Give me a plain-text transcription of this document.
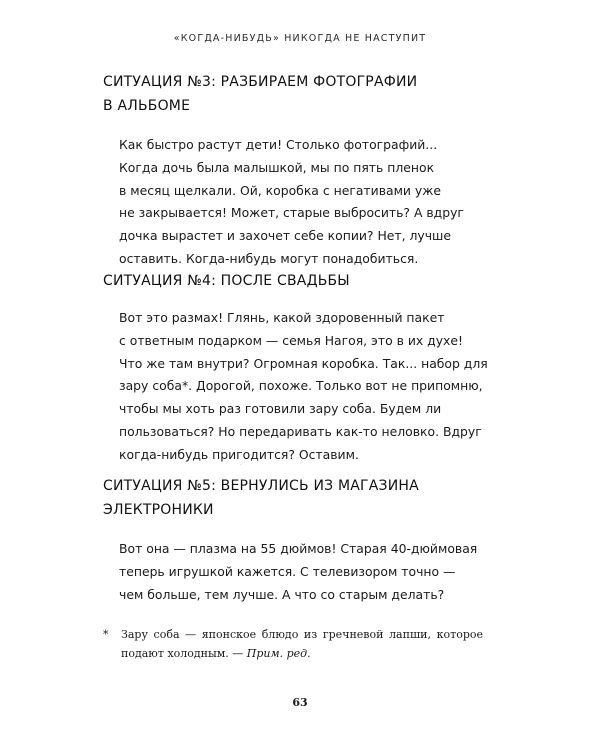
«КОГДА-НИБУДЬ» НИКОГДА НЕ НАСТУПИТ
СИТУАЦИЯ №3: РАЗБИРАЕМ ФОТОГРАФИИ
В АЛЬБОМЕ
Как быстро растут дети! Столько фотографий...
Когда дочь была малышкой, мы по пять пленок
в месяц щелкали. Ой, коробка с негативами уже
не закрывается! Может, старые выбросить? А вдруг
дочка вырастет и захочет себе копии? Нет, лучше
оставить. Когда-нибудь могут понадобиться.
СИТУАЦИЯ №4: ПОСЛЕ СВАДЬБЫ
Вот это размах! Глянь, какой здоровенный пакет
с ответным подарком — семья Нагоя, это в их духе!
Что же там внутри? Огромная коробка. Так... набор для
зару соба*. Дорогой, похоже. Только вот не припомню,
чтобы мы хоть раз готовили зару соба. Будем ли
пользоваться? Но передаривать как-то неловко. Вдруг
когда-нибудь пригодится? Оставим.
·
СИТУАЦИЯ №5: ВЕРНУЛИСЬ ИЗ МАГАЗИНА
ЭЛЕКТРОНИКИ
Вот она — плазма на 55 дюймов! Старая 40-дюймовая
теперь игрушкой кажется. С телевизором точно —
чем больше, тем лучше. А что со старым делать?
* Зару соба — японское блюдо из гречневой лапши, которое подают холодным. — Прим. ред.
63
